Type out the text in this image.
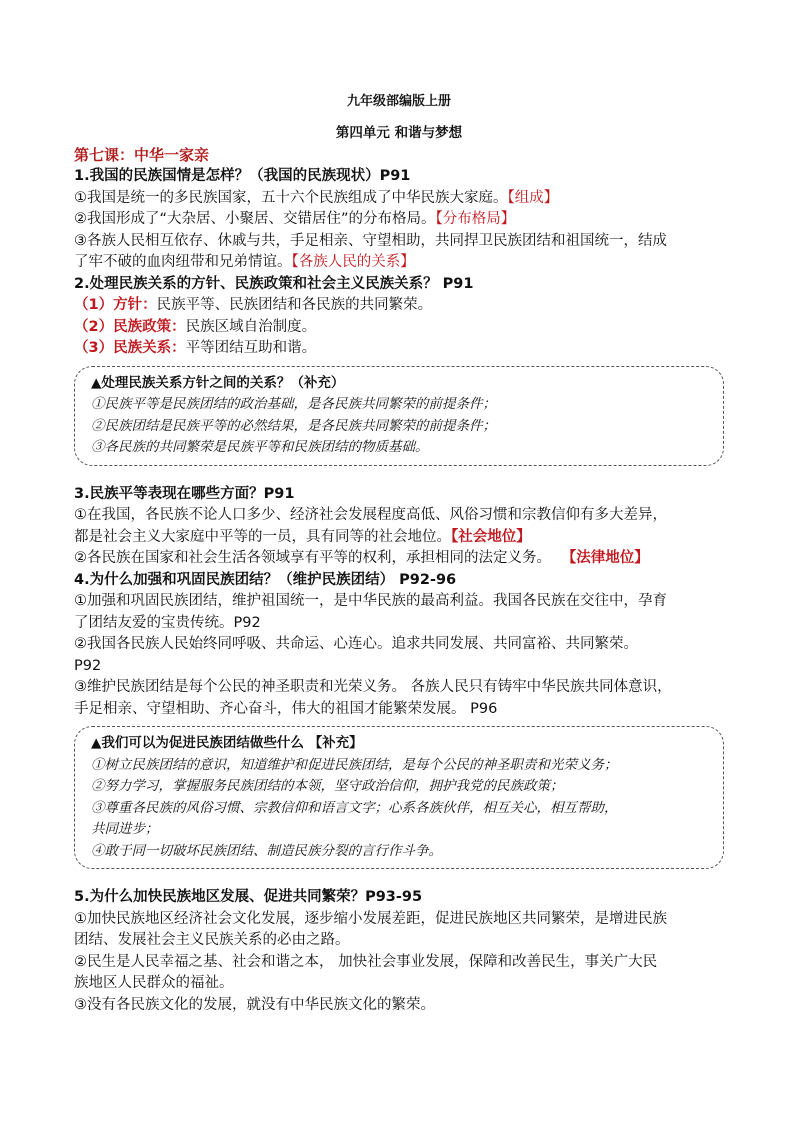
九年级部编版上册
第四单元 和谐与梦想
第七课：中华一家亲
1.我国的民族国情是怎样？（我国的民族现状）P91
①我国是统一的多民族国家，五十六个民族组成了中华民族大家庭。【组成】
②我国形成了“大杂居、小聚居、交错居住”的分布格局。【分布格局】
③各族人民相互依存、休戚与共，手足相亲、守望相助，共同捍卫民族团结和祖国统一，结成
了牢不破的血肉纽带和兄弟情谊。【各族人民的关系】
2.处理民族关系的方针、民族政策和社会主义民族关系？ P91
（1）方针：民族平等、民族团结和各民族的共同繁荣。
（2）民族政策：民族区域自治制度。
（3）民族关系：平等团结互助和谐。
▲处理民族关系方针之间的关系？（补充）
①民族平等是民族团结的政治基础，是各民族共同繁荣的前提条件；
②民族团结是民族平等的必然结果，是各民族共同繁荣的前提条件；
③各民族的共同繁荣是民族平等和民族团结的物质基础。
3.民族平等表现在哪些方面？P91
①在我国，各民族不论人口多少、经济社会发展程度高低、风俗习惯和宗教信仰有多大差异，
都是社会主义大家庭中平等的一员，具有同等的社会地位。【社会地位】
②各民族在国家和社会生活各领域享有平等的权利，承担相同的法定义务。 【法律地位】
4.为什么加强和巩固民族团结？（维护民族团结） P92-96
①加强和巩固民族团结，维护祖国统一，是中华民族的最高利益。我国各民族在交往中，孕育
了团结友爱的宝贵传统。P92
②我国各民族人民始终同呼吸、共命运、心连心。追求共同发展、共同富裕、共同繁荣。
P92
③维护民族团结是每个公民的神圣职责和光荣义务。 各族人民只有铸牢中华民族共同体意识，
手足相亲、守望相助、齐心奋斗，伟大的祖国才能繁荣发展。 P96
▲我们可以为促进民族团结做些什么 【补充】
①树立民族团结的意识，知道维护和促进民族团结，是每个公民的神圣职责和光荣义务；
②努力学习，掌握服务民族团结的本领，坚守政治信仰，拥护我党的民族政策；
③尊重各民族的风俗习惯、宗教信仰和语言文字；心系各族伙伴，相互关心，相互帮助，
共同进步；
④敢于同一切破坏民族团结、制造民族分裂的言行作斗争。
5.为什么加快民族地区发展、促进共同繁荣？P93-95
①加快民族地区经济社会文化发展，逐步缩小发展差距，促进民族地区共同繁荣，是增进民族
团结、发展社会主义民族关系的必由之路。
②民生是人民幸福之基、社会和谐之本， 加快社会事业发展，保障和改善民生，事关广大民
族地区人民群众的福祉。
③没有各民族文化的发展，就没有中华民族文化的繁荣。
